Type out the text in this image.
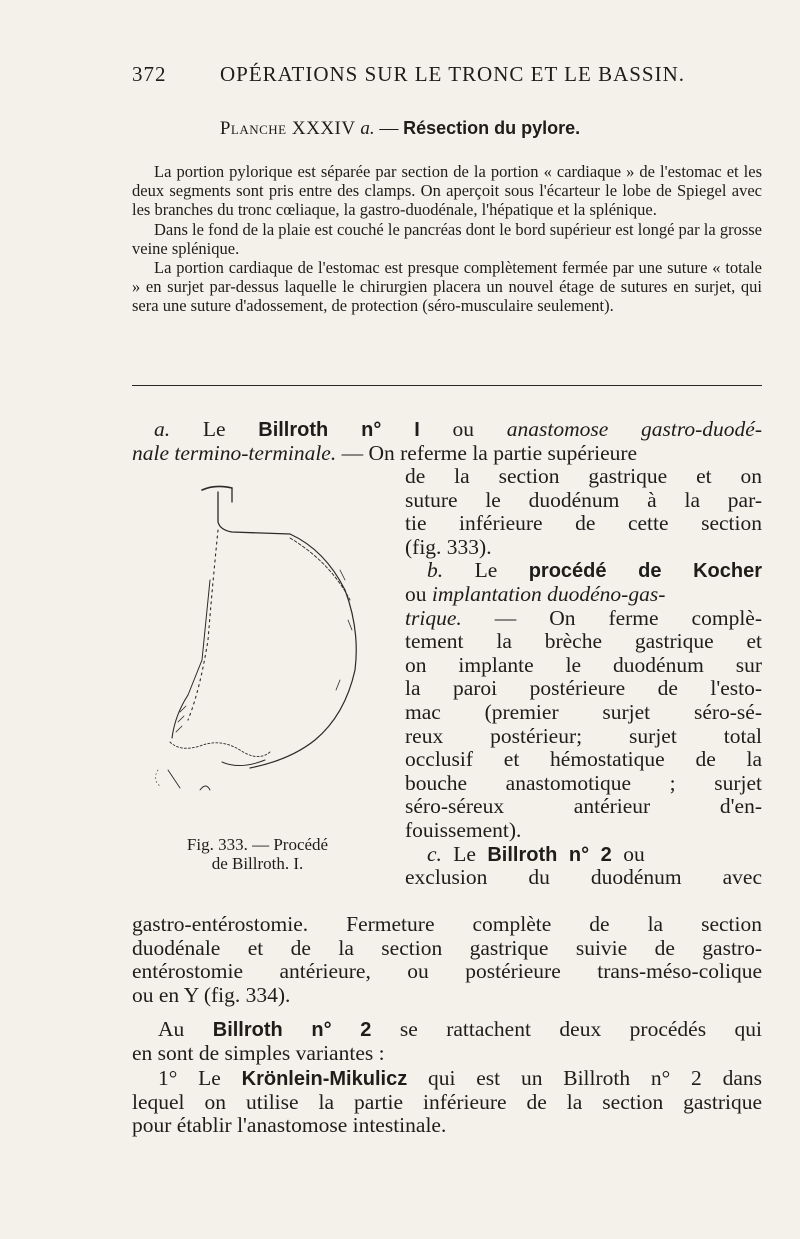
372	OPÉRATIONS SUR LE TRONC ET LE BASSIN.
Planche XXXIV a. — Résection du pylore.

La portion pylorique est séparée par section de la portion « cardiaque » de l'estomac et les deux segments sont pris entre des clamps. On aperçoit sous l'écarteur le lobe de Spiegel avec les branches du tronc cœliaque, la gastro-duodénale, l'hépatique et la splénique.

Dans le fond de la plaie est couché le pancréas dont le bord supérieur est longé par la grosse veine splénique.

La portion cardiaque de l'estomac est presque complètement fermée par une suture « totale » en surjet par-dessus laquelle le chirurgien placera un nouvel étage de sutures en surjet, qui sera une suture d'adossement, de protection (séro-musculaire seulement).

a. Le Billroth n° I ou anastomose gastro-duodé-
nale termino-terminale. — On referme la partie supérieure
de la section gastrique et on
suture le duodénum à la par-
tie inférieure de cette section
(fig. 333).
b. Le procédé de Kocher
ou implantation duodéno-gas-
trique. — On ferme complè-
tement la brèche gastrique et
on implante le duodénum sur
la paroi postérieure de l'esto-
mac (premier surjet séro-sé-
reux postérieur; surjet total
occlusif et hémostatique de la
bouche anastomotique ; surjet
séro-séreux antérieur d'en-
fouissement).
c. Le Billroth n° 2 ou
exclusion du duodénum avec
Fig. 333. — Procédé
de Billroth. I.
gastro-entérostomie. Fermeture complète de la section
duodénale et de la section gastrique suivie de gastro-
entérostomie antérieure, ou postérieure trans-méso-colique
ou en Y (fig. 334).
Au Billroth n° 2 se rattachent deux procédés qui
en sont de simples variantes :
1° Le Krönlein-Mikulicz qui est un Billroth n° 2 dans
lequel on utilise la partie inférieure de la section gastrique
pour établir l'anastomose intestinale.
